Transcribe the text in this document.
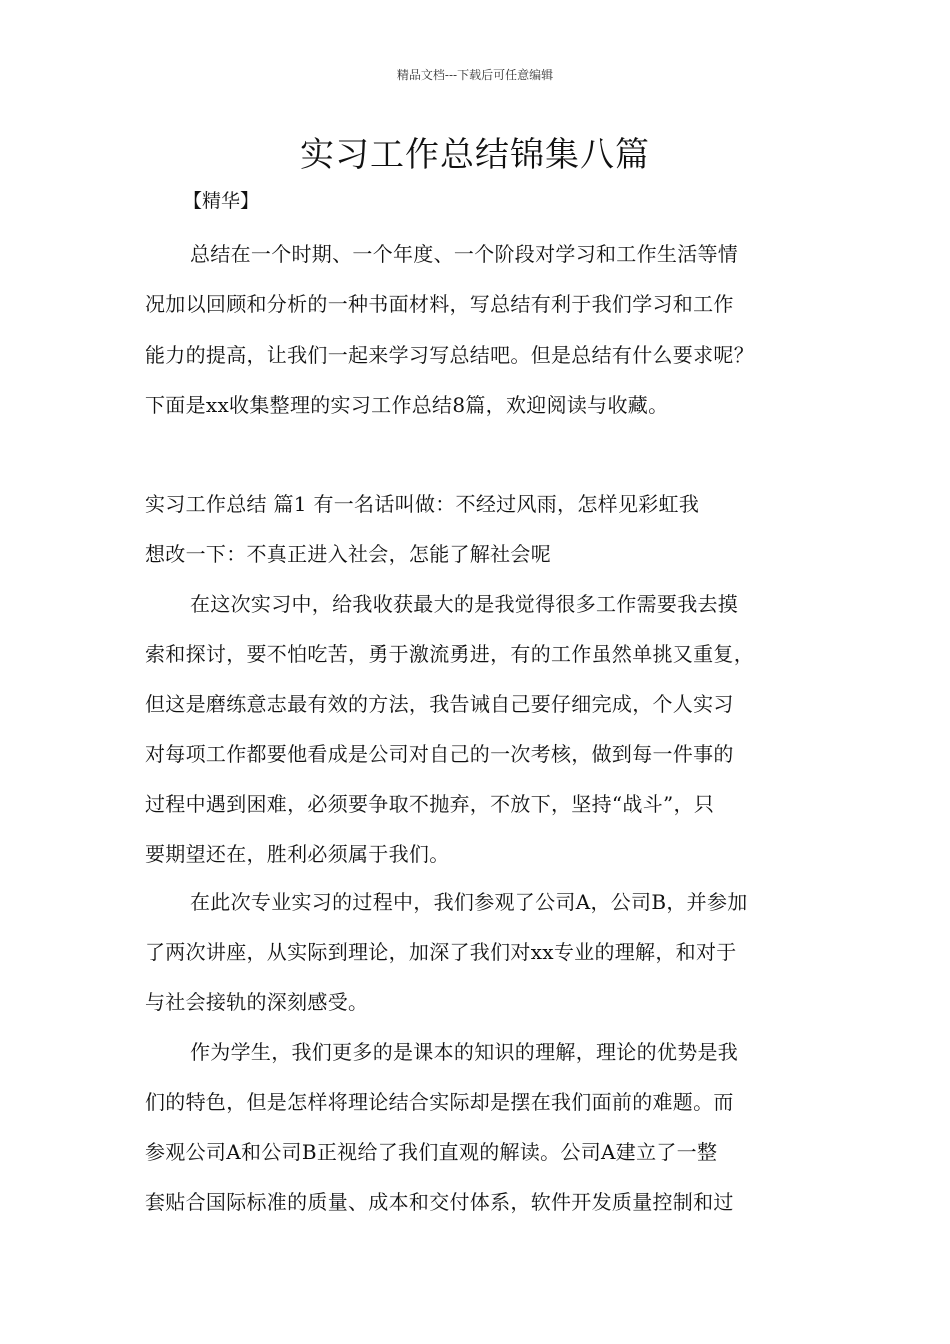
精品文档---下载后可任意编辑
实习工作总结锦集八篇
【精华】
总结在一个时期、一个年度、一个阶段对学习和工作生活等情
况加以回顾和分析的一种书面材料，写总结有利于我们学习和工作
能力的提高，让我们一起来学习写总结吧。但是总结有什么要求呢？
下面是xx收集整理的实习工作总结8篇，欢迎阅读与收藏。
实习工作总结 篇1 有一名话叫做：不经过风雨，怎样见彩虹我
想改一下：不真正进入社会，怎能了解社会呢
在这次实习中，给我收获最大的是我觉得很多工作需要我去摸
索和探讨，要不怕吃苦，勇于激流勇进，有的工作虽然单挑又重复，
但这是磨练意志最有效的方法，我告诫自己要仔细完成，个人实习
对每项工作都要他看成是公司对自己的一次考核，做到每一件事的
过程中遇到困难，必须要争取不抛弃，不放下，坚持“战斗”，只
要期望还在，胜利必须属于我们。
在此次专业实习的过程中，我们参观了公司A，公司B，并参加
了两次讲座，从实际到理论，加深了我们对xx专业的理解，和对于
与社会接轨的深刻感受。
作为学生，我们更多的是课本的知识的理解，理论的优势是我
们的特色，但是怎样将理论结合实际却是摆在我们面前的难题。而
参观公司A和公司B正视给了我们直观的解读。公司A建立了一整
套贴合国际标准的质量、成本和交付体系，软件开发质量控制和过
